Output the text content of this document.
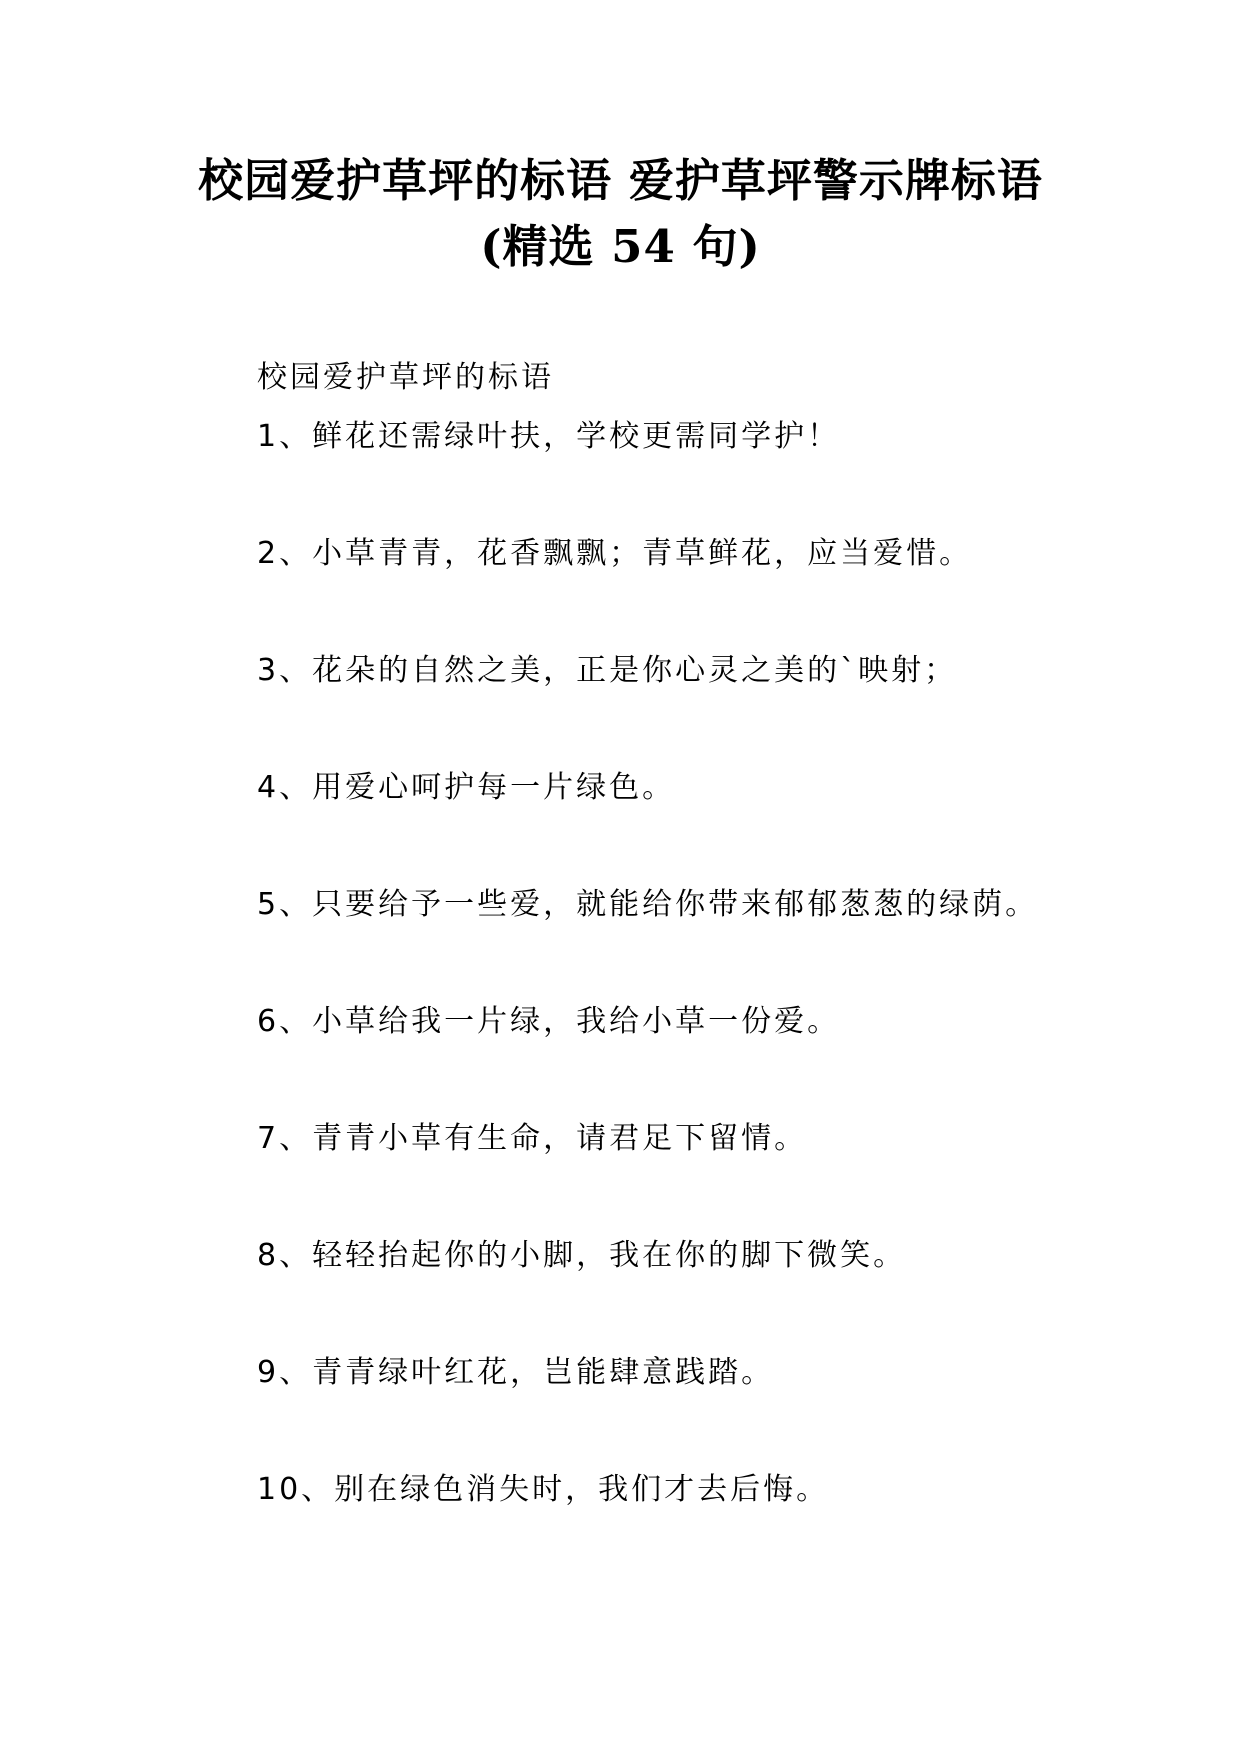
校园爱护草坪的标语 爱护草坪警示牌标语
(精选 54 句)
校园爱护草坪的标语
1、鲜花还需绿叶扶，学校更需同学护！
2、小草青青，花香飘飘；青草鲜花，应当爱惜。
3、花朵的自然之美，正是你心灵之美的`映射；
4、用爱心呵护每一片绿色。
5、只要给予一些爱，就能给你带来郁郁葱葱的绿荫。
6、小草给我一片绿，我给小草一份爱。
7、青青小草有生命，请君足下留情。
8、轻轻抬起你的小脚，我在你的脚下微笑。
9、青青绿叶红花，岂能肆意践踏。
10、别在绿色消失时，我们才去后悔。
